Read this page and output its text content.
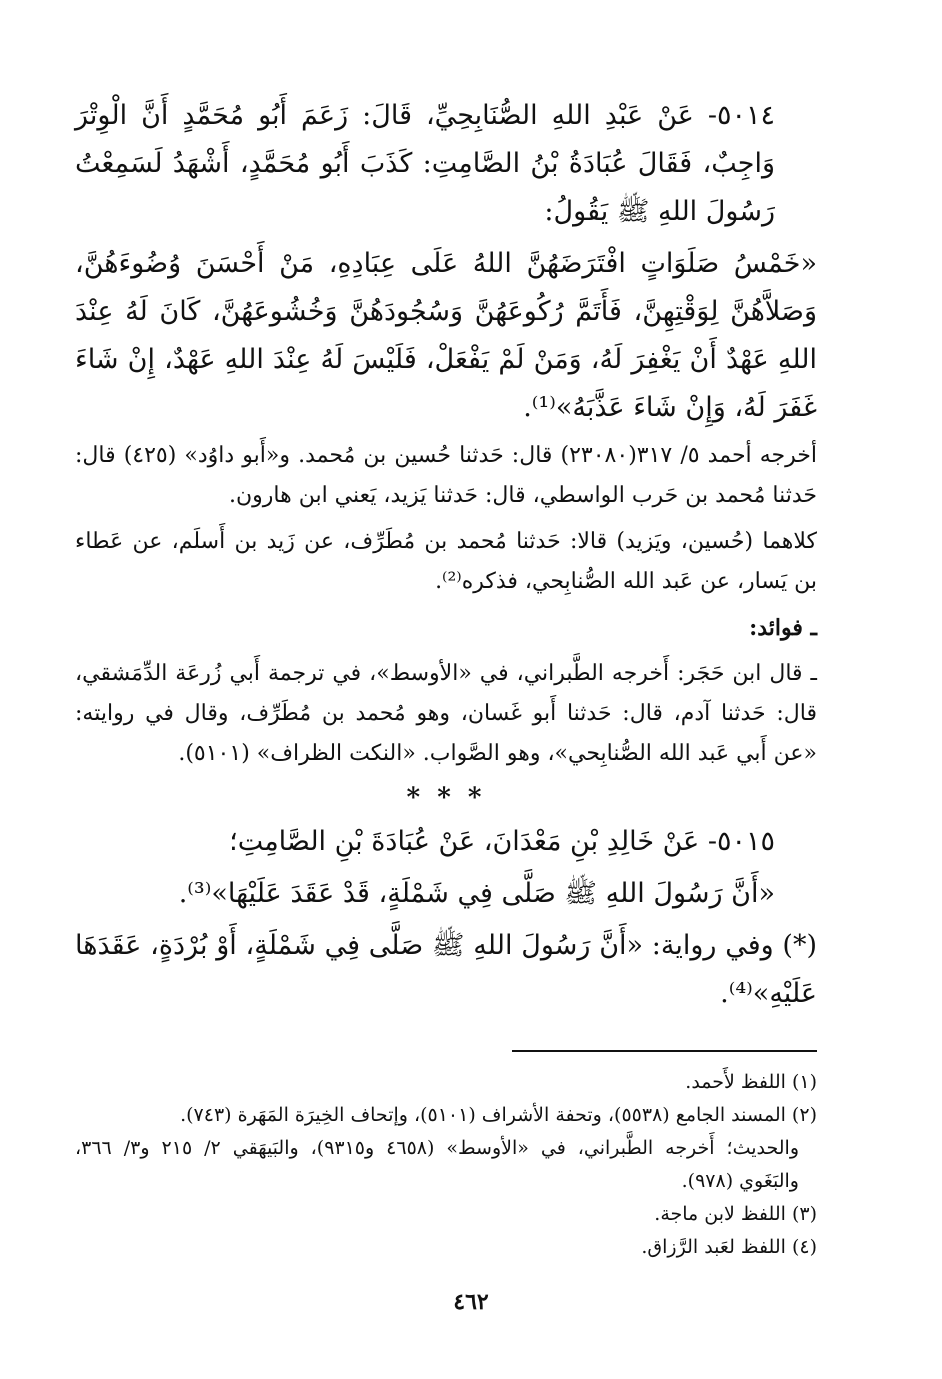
٥٠١٤- عَنْ عَبْدِ اللهِ الصُّنَابِحِيِّ، قَالَ: زَعَمَ أَبُو مُحَمَّدٍ أَنَّ الْوِتْرَ وَاجِبٌ، فَقَالَ عُبَادَةُ بْنُ الصَّامِتِ: كَذَبَ أَبُو مُحَمَّدٍ، أَشْهَدُ لَسَمِعْتُ رَسُولَ اللهِ ﷺ يَقُولُ:

«خَمْسُ صَلَوَاتٍ افْتَرَضَهُنَّ اللهُ عَلَى عِبَادِهِ، مَنْ أَحْسَنَ وُضُوءَهُنَّ، وَصَلاَّهُنَّ لِوَقْتِهِنَّ، فَأَتَمَّ رُكُوعَهُنَّ وَسُجُودَهُنَّ وَخُشُوعَهُنَّ، كَانَ لَهُ عِنْدَ اللهِ عَهْدٌ أَنْ يَغْفِرَ لَهُ، وَمَنْ لَمْ يَفْعَلْ، فَلَيْسَ لَهُ عِنْدَ اللهِ عَهْدٌ، إِنْ شَاءَ غَفَرَ لَهُ، وَإِنْ شَاءَ عَذَّبَهُ»⁽¹⁾.

أخرجه أحمد ٥/ ٣١٧(٢٣٠٨٠) قال: حَدثنا حُسين بن مُحمد. و«أَبو داوُد» (٤٢٥) قال: حَدثنا مُحمد بن حَرب الواسطي، قال: حَدثنا يَزيد، يَعني ابن هارون.

كلاهما (حُسين، ويَزيد) قالا: حَدثنا مُحمد بن مُطَرِّف، عن زَيد بن أَسلَم، عن عَطاء بن يَسار، عن عَبد الله الصُّنابِحي، فذكره⁽²⁾.

ـ فوائد:

ـ قال ابن حَجَر: أَخرجه الطَّبراني، في «الأوسط»، في ترجمة أَبي زُرعَة الدِّمَشقي، قال: حَدثنا آدم، قال: حَدثنا أَبو غَسان، وهو مُحمد بن مُطَرِّف، وقال في روايته: «عن أَبي عَبد الله الصُّنابِحي»، وهو الصَّواب. «النكت الظراف» (٥١٠١).

* * *

٥٠١٥- عَنْ خَالِدِ بْنِ مَعْدَانَ، عَنْ عُبَادَةَ بْنِ الصَّامِتِ؛

«أَنَّ رَسُولَ اللهِ ﷺ صَلَّى فِي شَمْلَةٍ، قَدْ عَقَدَ عَلَيْهَا»⁽³⁾.

(*) وفي رواية: «أَنَّ رَسُولَ اللهِ ﷺ صَلَّى فِي شَمْلَةٍ، أَوْ بُرْدَةٍ، عَقَدَهَا عَلَيْهِ»⁽⁴⁾.

(١) اللفظ لأَحمد.

(٢) المسند الجامع (٥٥٣٨)، وتحفة الأشراف (٥١٠١)، وإتحاف الخِيرَة المَهَرة (٧٤٣).

والحديث؛ أَخرجه الطَّبراني، في «الأوسط» (٤٦٥٨ و٩٣١٥)، والبَيهَقي ٢/ ٢١٥ و٣/ ٣٦٦، والبَغَوي (٩٧٨).

(٣) اللفظ لابن ماجة.

(٤) اللفظ لعَبد الرَّزاق.

٤٦٢
